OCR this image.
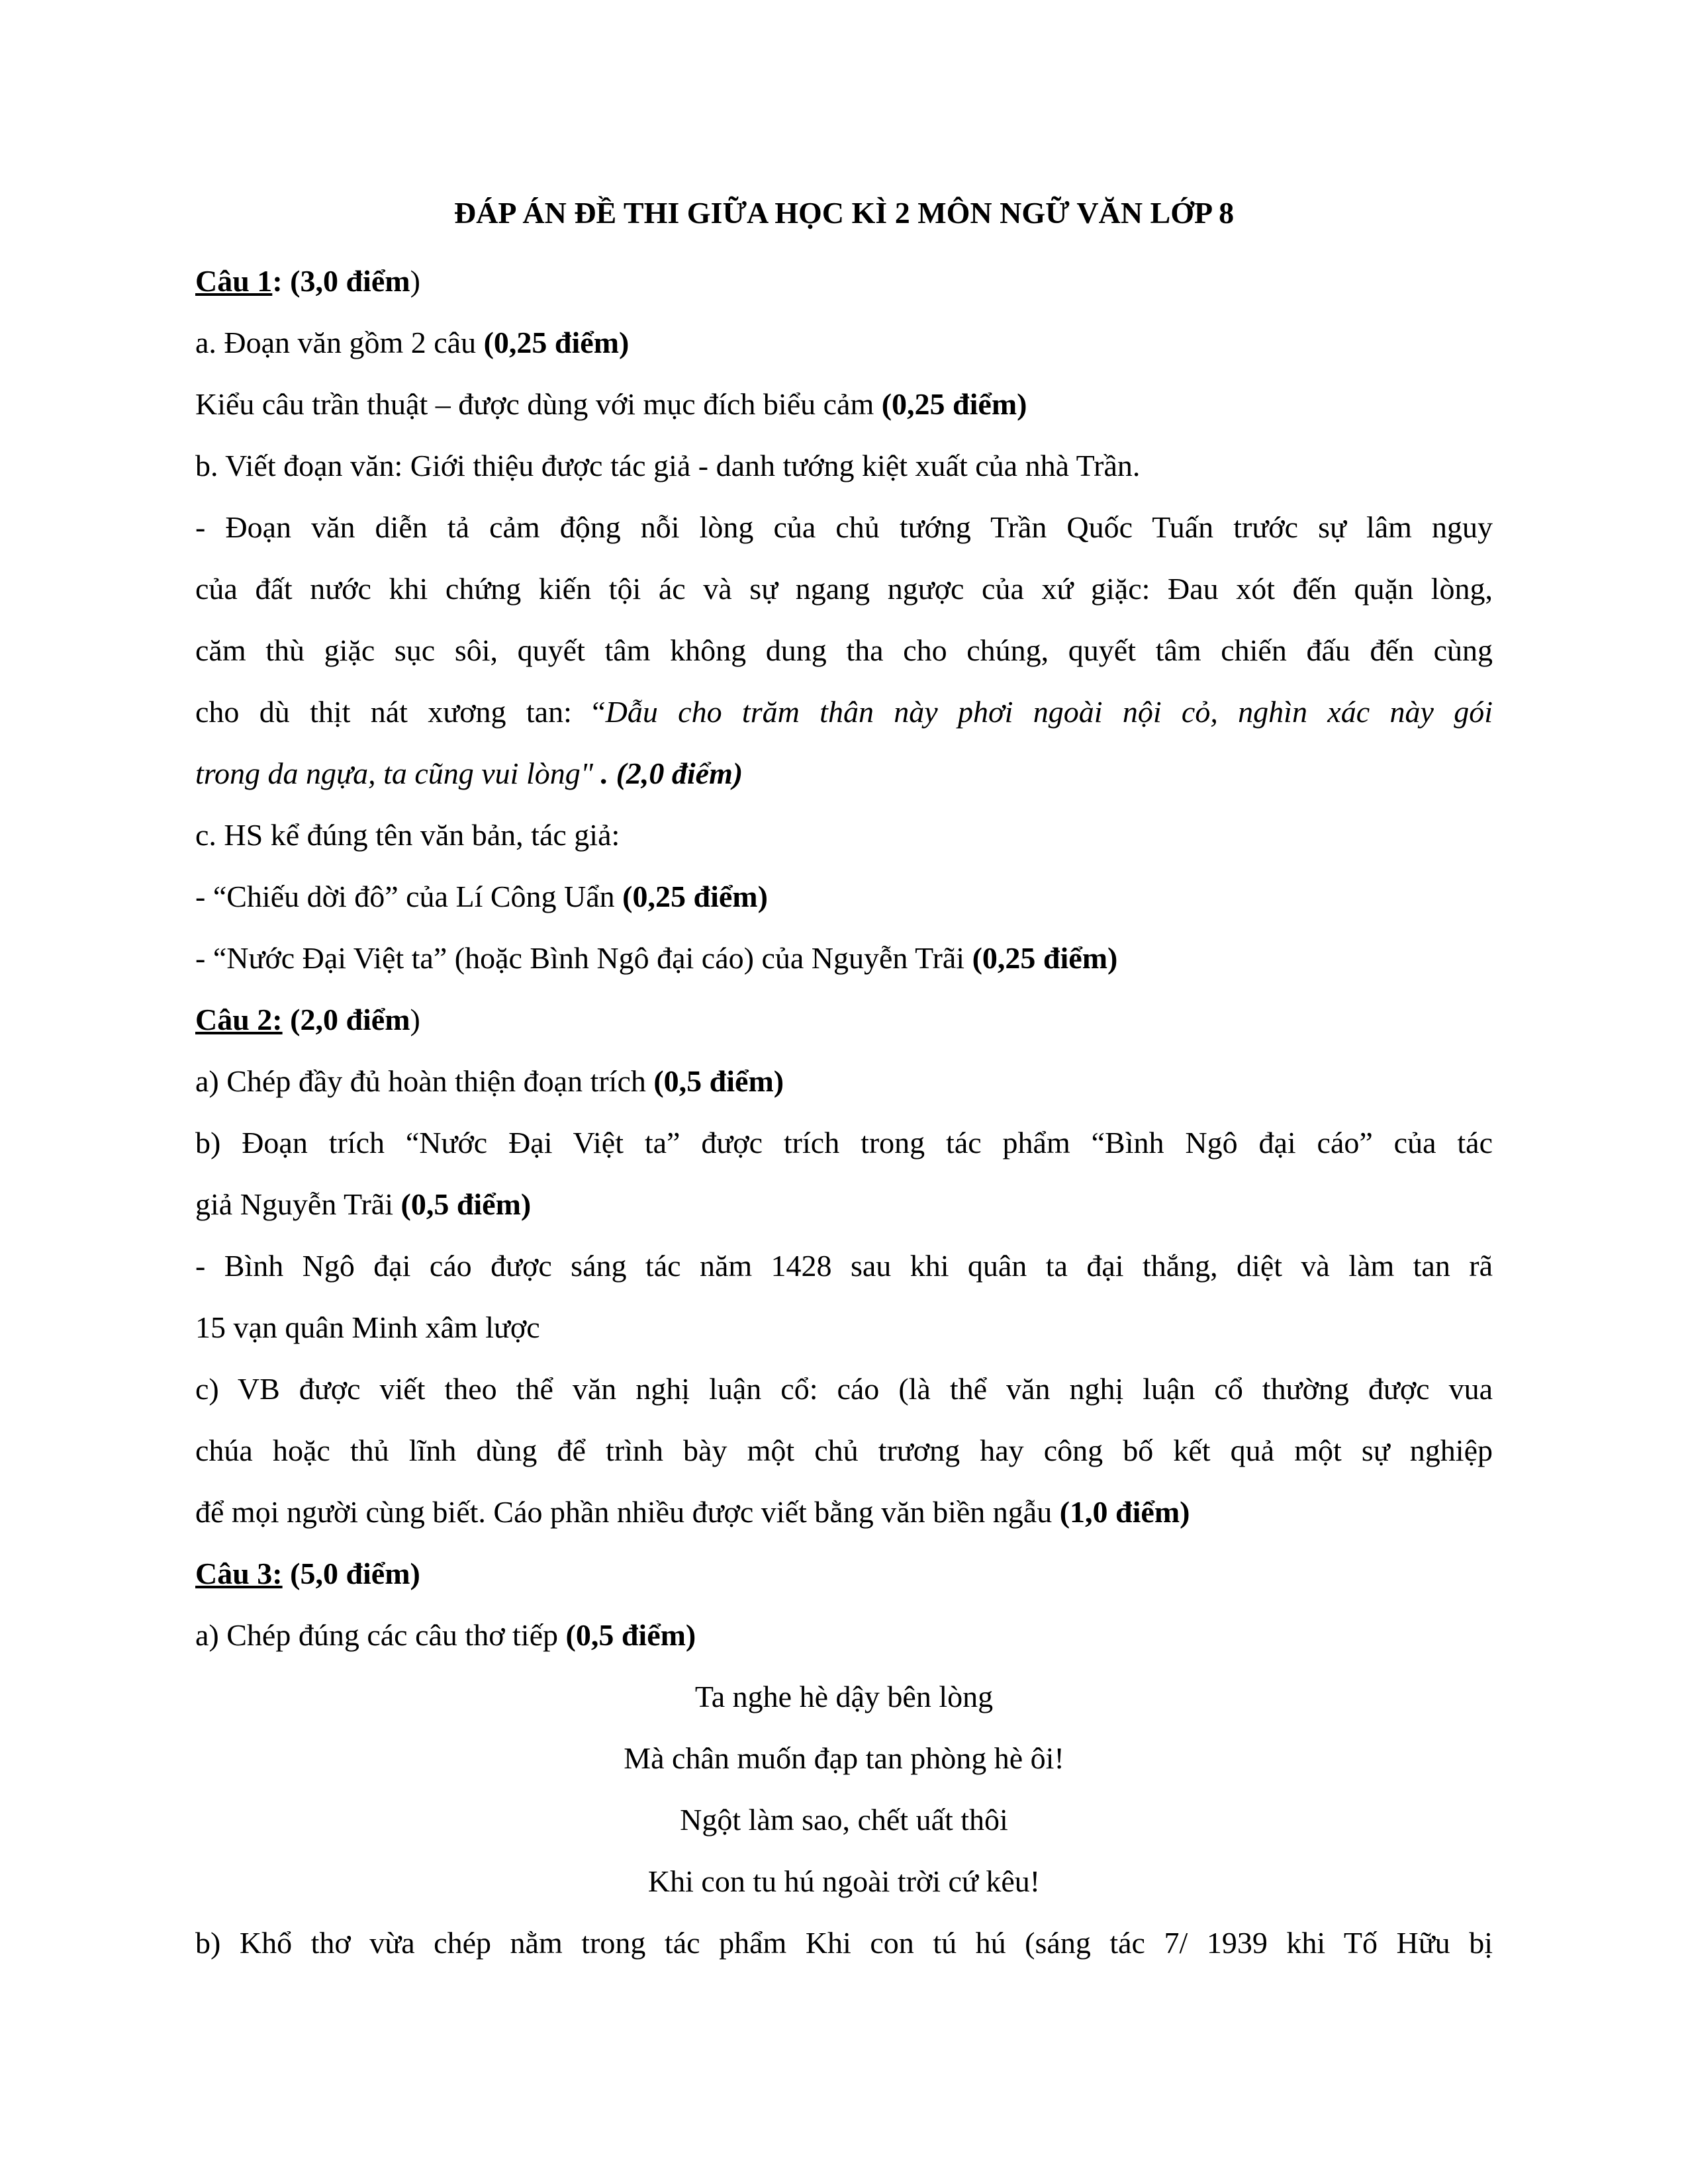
ĐÁP ÁN ĐỀ THI GIỮA HỌC KÌ 2 MÔN NGỮ VĂN LỚP 8
Câu 1: (3,0 điểm)
a. Đoạn văn gồm 2 câu (0,25 điểm)
Kiểu câu trần thuật – được dùng với mục đích biểu cảm (0,25 điểm)
b. Viết đoạn văn: Giới thiệu được tác giả - danh tướng kiệt xuất của nhà Trần.
- Đoạn văn diễn tả cảm động nỗi lòng của chủ tướng Trần Quốc Tuấn trước sự lâm nguy
của đất nước khi chứng kiến tội ác và sự ngang ngược của xứ giặc: Đau xót đến quặn lòng,
căm thù giặc sục sôi, quyết tâm không dung tha cho chúng, quyết tâm chiến đấu đến cùng
cho dù thịt nát xương tan: “Dẫu cho trăm thân này phơi ngoài nội cỏ, nghìn xác này gói
trong da ngựa, ta cũng vui lòng" . (2,0 điểm)
c. HS kể đúng tên văn bản, tác giả:
- “Chiếu dời đô” của Lí Công Uẩn (0,25 điểm)
- “Nước Đại Việt ta” (hoặc Bình Ngô đại cáo) của Nguyễn Trãi (0,25 điểm)
Câu 2: (2,0 điểm)
a) Chép đầy đủ hoàn thiện đoạn trích (0,5 điểm)
b) Đoạn trích “Nước Đại Việt ta” được trích trong tác phẩm “Bình Ngô đại cáo” của tác
giả Nguyễn Trãi (0,5 điểm)
- Bình Ngô đại cáo được sáng tác năm 1428 sau khi quân ta đại thắng, diệt và làm tan rã
15 vạn quân Minh xâm lược
c) VB được viết theo thể văn nghị luận cổ: cáo (là thể văn nghị luận cổ thường được vua
chúa hoặc thủ lĩnh dùng để trình bày một chủ trương hay công bố kết quả một sự nghiệp
để mọi người cùng biết. Cáo phần nhiều được viết bằng văn biền ngẫu (1,0 điểm)
Câu 3: (5,0 điểm)
a) Chép đúng các câu thơ tiếp (0,5 điểm)
Ta nghe hè dậy bên lòng
Mà chân muốn đạp tan phòng hè ôi!
Ngột làm sao, chết uất thôi
Khi con tu hú ngoài trời cứ kêu!
b) Khổ thơ vừa chép nằm trong tác phẩm Khi con tú hú (sáng tác 7/ 1939 khi Tố Hữu bị
